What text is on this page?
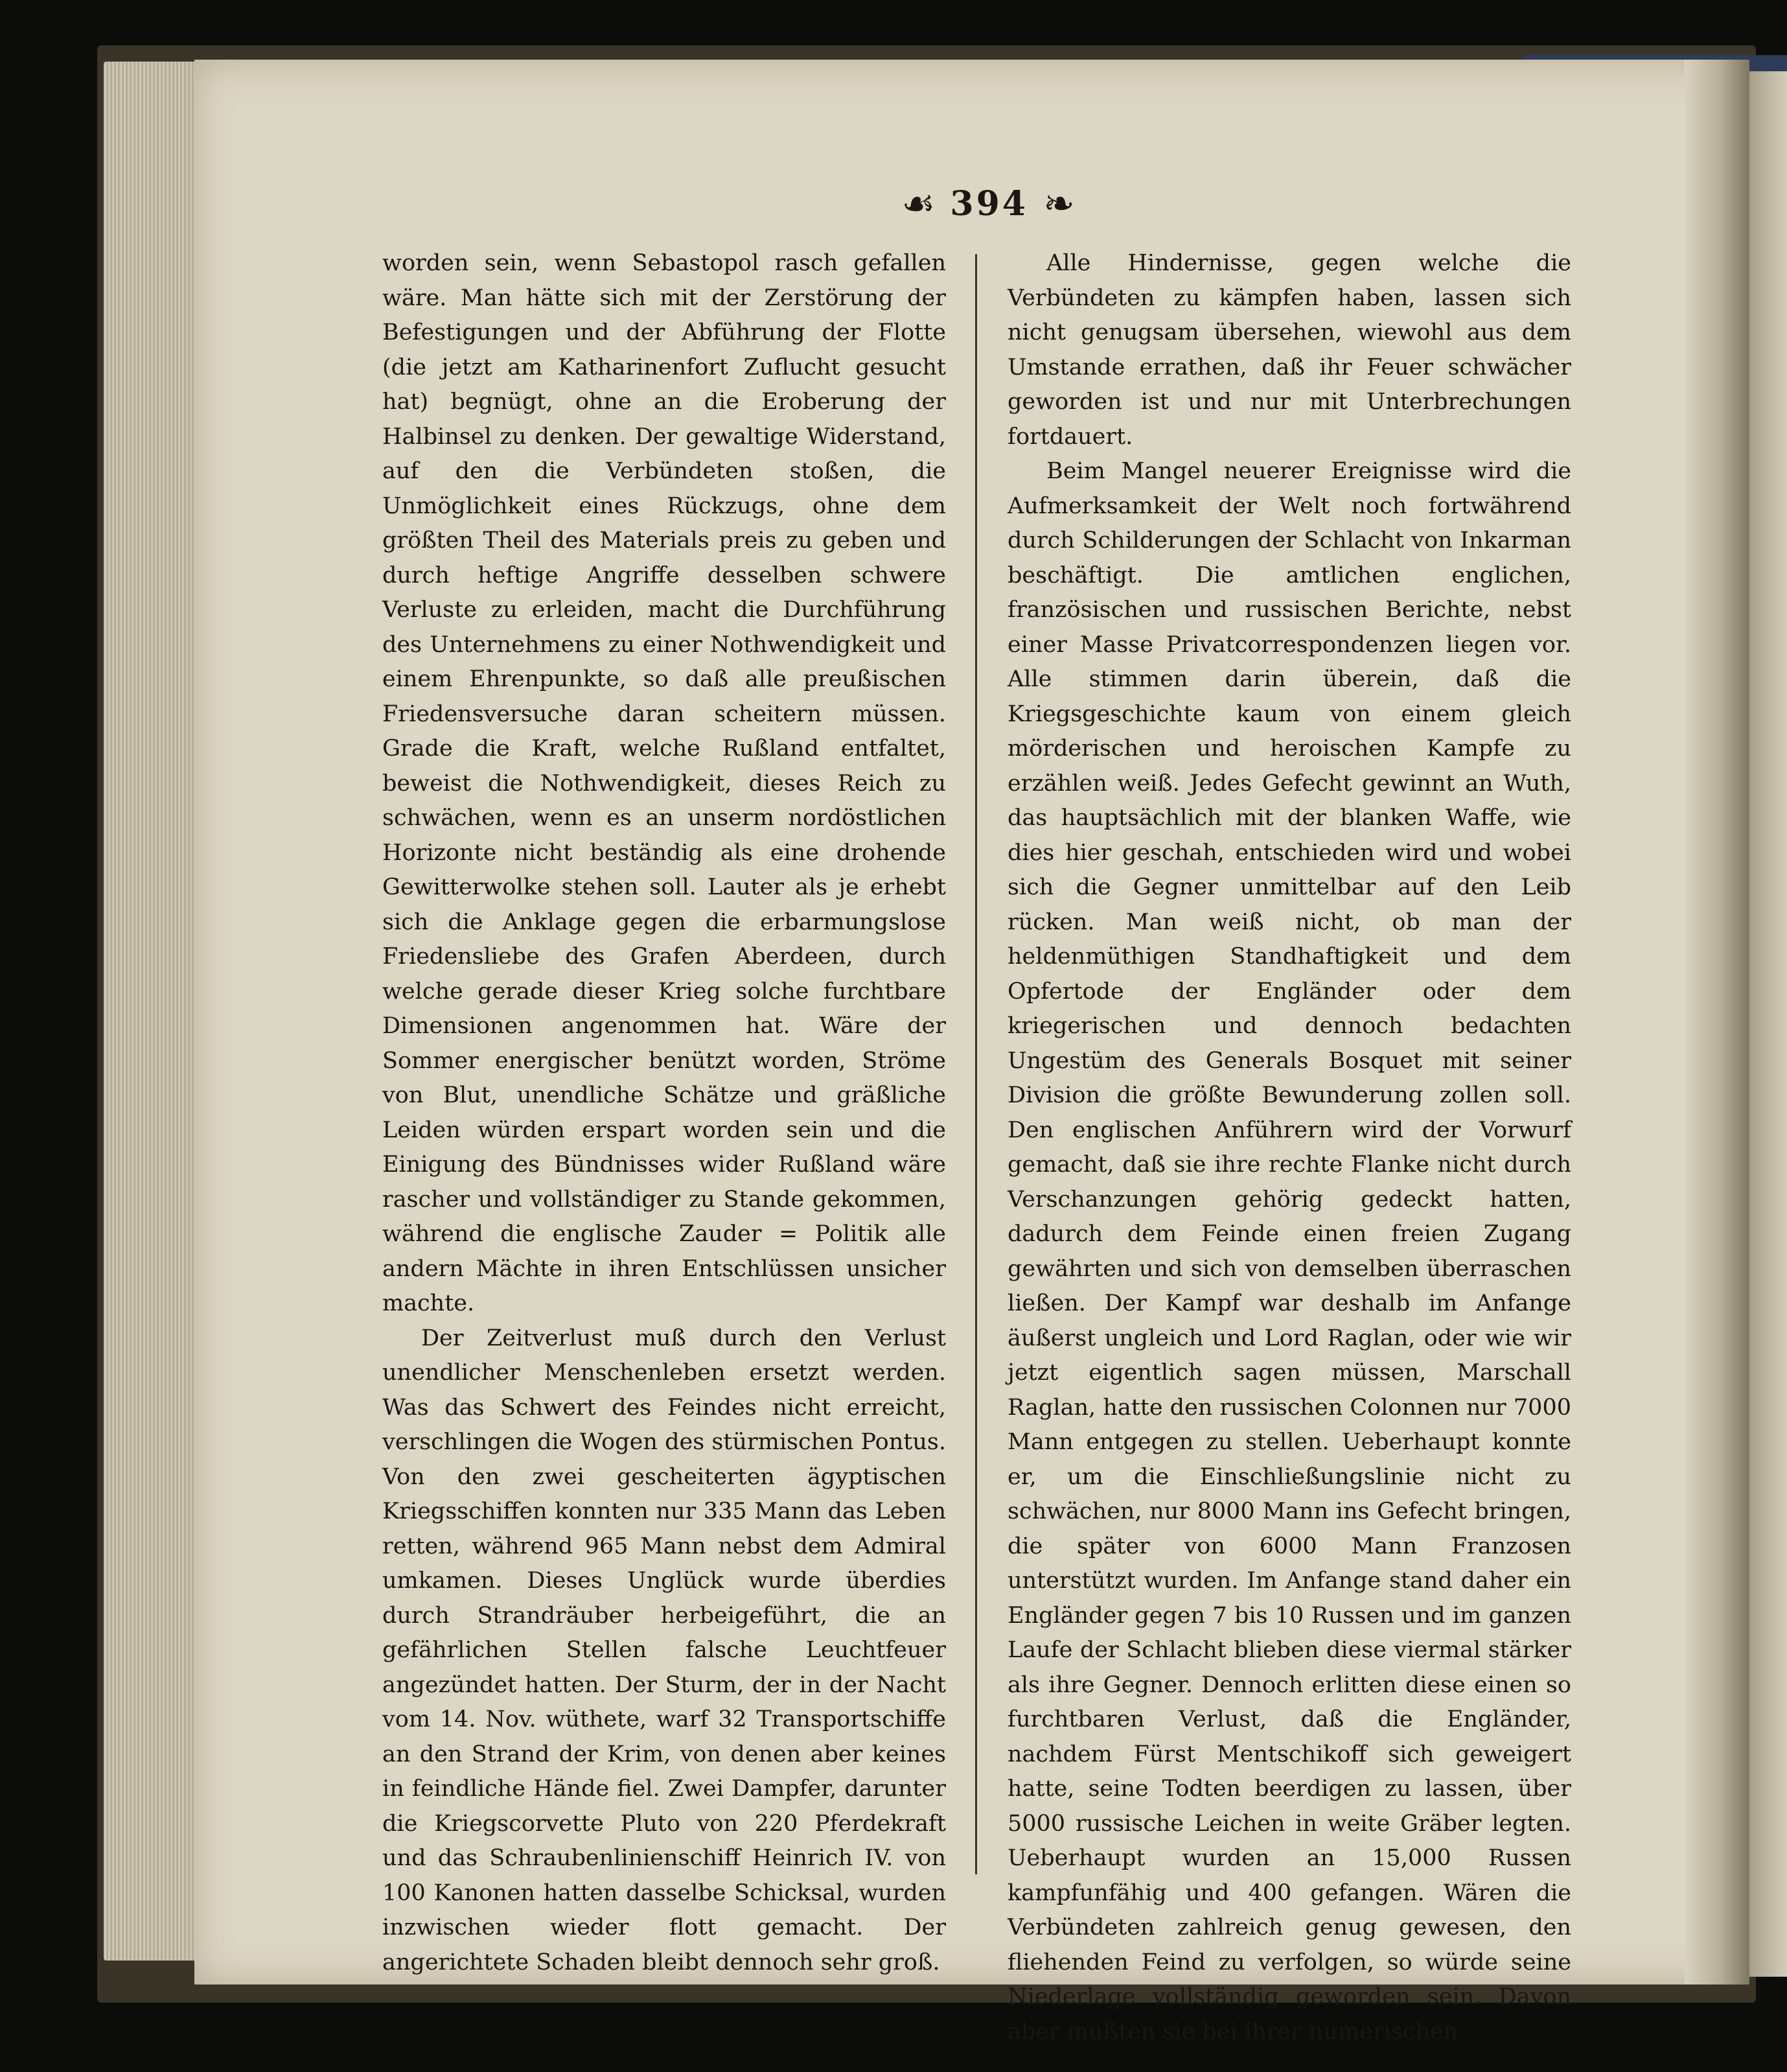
☙ 394 ❧

worden sein, wenn Sebastopol rasch gefallen wäre. Man hätte sich mit der Zerstörung der Befestigungen und der Abführung der Flotte (die jetzt am Katharinenfort Zuflucht gesucht hat) begnügt, ohne an die Eroberung der Halbinsel zu denken. Der gewaltige Widerstand, auf den die Verbündeten stoßen, die Unmöglichkeit eines Rückzugs, ohne dem größten Theil des Materials preis zu geben und durch heftige Angriffe desselben schwere Verluste zu erleiden, macht die Durchführung des Unternehmens zu einer Nothwendigkeit und einem Ehrenpunkte, so daß alle preußischen Friedensversuche daran scheitern müssen. Grade die Kraft, welche Rußland entfaltet, beweist die Nothwendigkeit, dieses Reich zu schwächen, wenn es an unserm nordöstlichen Horizonte nicht beständig als eine drohende Gewitterwolke stehen soll. Lauter als je erhebt sich die Anklage gegen die erbarmungslose Friedensliebe des Grafen Aberdeen, durch welche gerade dieser Krieg solche furchtbare Dimensionen angenommen hat. Wäre der Sommer energischer benützt worden, Ströme von Blut, unendliche Schätze und gräßliche Leiden würden erspart worden sein und die Einigung des Bündnisses wider Rußland wäre rascher und vollständiger zu Stande gekommen, während die englische Zauder = Politik alle andern Mächte in ihren Entschlüssen unsicher machte.

Der Zeitverlust muß durch den Verlust unendlicher Menschenleben ersetzt werden. Was das Schwert des Feindes nicht erreicht, verschlingen die Wogen des stürmischen Pontus. Von den zwei gescheiterten ägyptischen Kriegsschiffen konnten nur 335 Mann das Leben retten, während 965 Mann nebst dem Admiral umkamen. Dieses Unglück wurde überdies durch Strandräuber herbeigeführt, die an gefährlichen Stellen falsche Leuchtfeuer angezündet hatten. Der Sturm, der in der Nacht vom 14. Nov. wüthete, warf 32 Transportschiffe an den Strand der Krim, von denen aber keines in feindliche Hände fiel. Zwei Dampfer, darunter die Kriegscorvette Pluto von 220 Pferdekraft und das Schraubenlinienschiff Heinrich IV. von 100 Kanonen hatten dasselbe Schicksal, wurden inzwischen wieder flott gemacht. Der angerichtete Schaden bleibt dennoch sehr groß.

Alle Hindernisse, gegen welche die Verbündeten zu kämpfen haben, lassen sich nicht genugsam übersehen, wiewohl aus dem Umstande errathen, daß ihr Feuer schwächer geworden ist und nur mit Unterbrechungen fortdauert.

Beim Mangel neuerer Ereignisse wird die Aufmerksamkeit der Welt noch fortwährend durch Schilderungen der Schlacht von Inkarman beschäftigt. Die amtlichen englichen, französischen und russischen Berichte, nebst einer Masse Privatcorrespondenzen liegen vor. Alle stimmen darin überein, daß die Kriegsgeschichte kaum von einem gleich mörderischen und heroischen Kampfe zu erzählen weiß. Jedes Gefecht gewinnt an Wuth, das hauptsächlich mit der blanken Waffe, wie dies hier geschah, entschieden wird und wobei sich die Gegner unmittelbar auf den Leib rücken. Man weiß nicht, ob man der heldenmüthigen Standhaftigkeit und dem Opfertode der Engländer oder dem kriegerischen und dennoch bedachten Ungestüm des Generals Bosquet mit seiner Division die größte Bewunderung zollen soll. Den englischen Anführern wird der Vorwurf gemacht, daß sie ihre rechte Flanke nicht durch Verschanzungen gehörig gedeckt hatten, dadurch dem Feinde einen freien Zugang gewährten und sich von demselben überraschen ließen. Der Kampf war deshalb im Anfange äußerst ungleich und Lord Raglan, oder wie wir jetzt eigentlich sagen müssen, Marschall Raglan, hatte den russischen Colonnen nur 7000 Mann entgegen zu stellen. Ueberhaupt konnte er, um die Einschließungslinie nicht zu schwächen, nur 8000 Mann ins Gefecht bringen, die später von 6000 Mann Franzosen unterstützt wurden. Im Anfange stand daher ein Engländer gegen 7 bis 10 Russen und im ganzen Laufe der Schlacht blieben diese viermal stärker als ihre Gegner. Dennoch erlitten diese einen so furchtbaren Verlust, daß die Engländer, nachdem Fürst Mentschikoff sich geweigert hatte, seine Todten beerdigen zu lassen, über 5000 russische Leichen in weite Gräber legten. Ueberhaupt wurden an 15,000 Russen kampfunfähig und 400 gefangen. Wären die Verbündeten zahlreich genug gewesen, den fliehenden Feind zu verfolgen, so würde seine Niederlage vollständig geworden sein. Davon aber mußten sie bei ihrer numerischen
